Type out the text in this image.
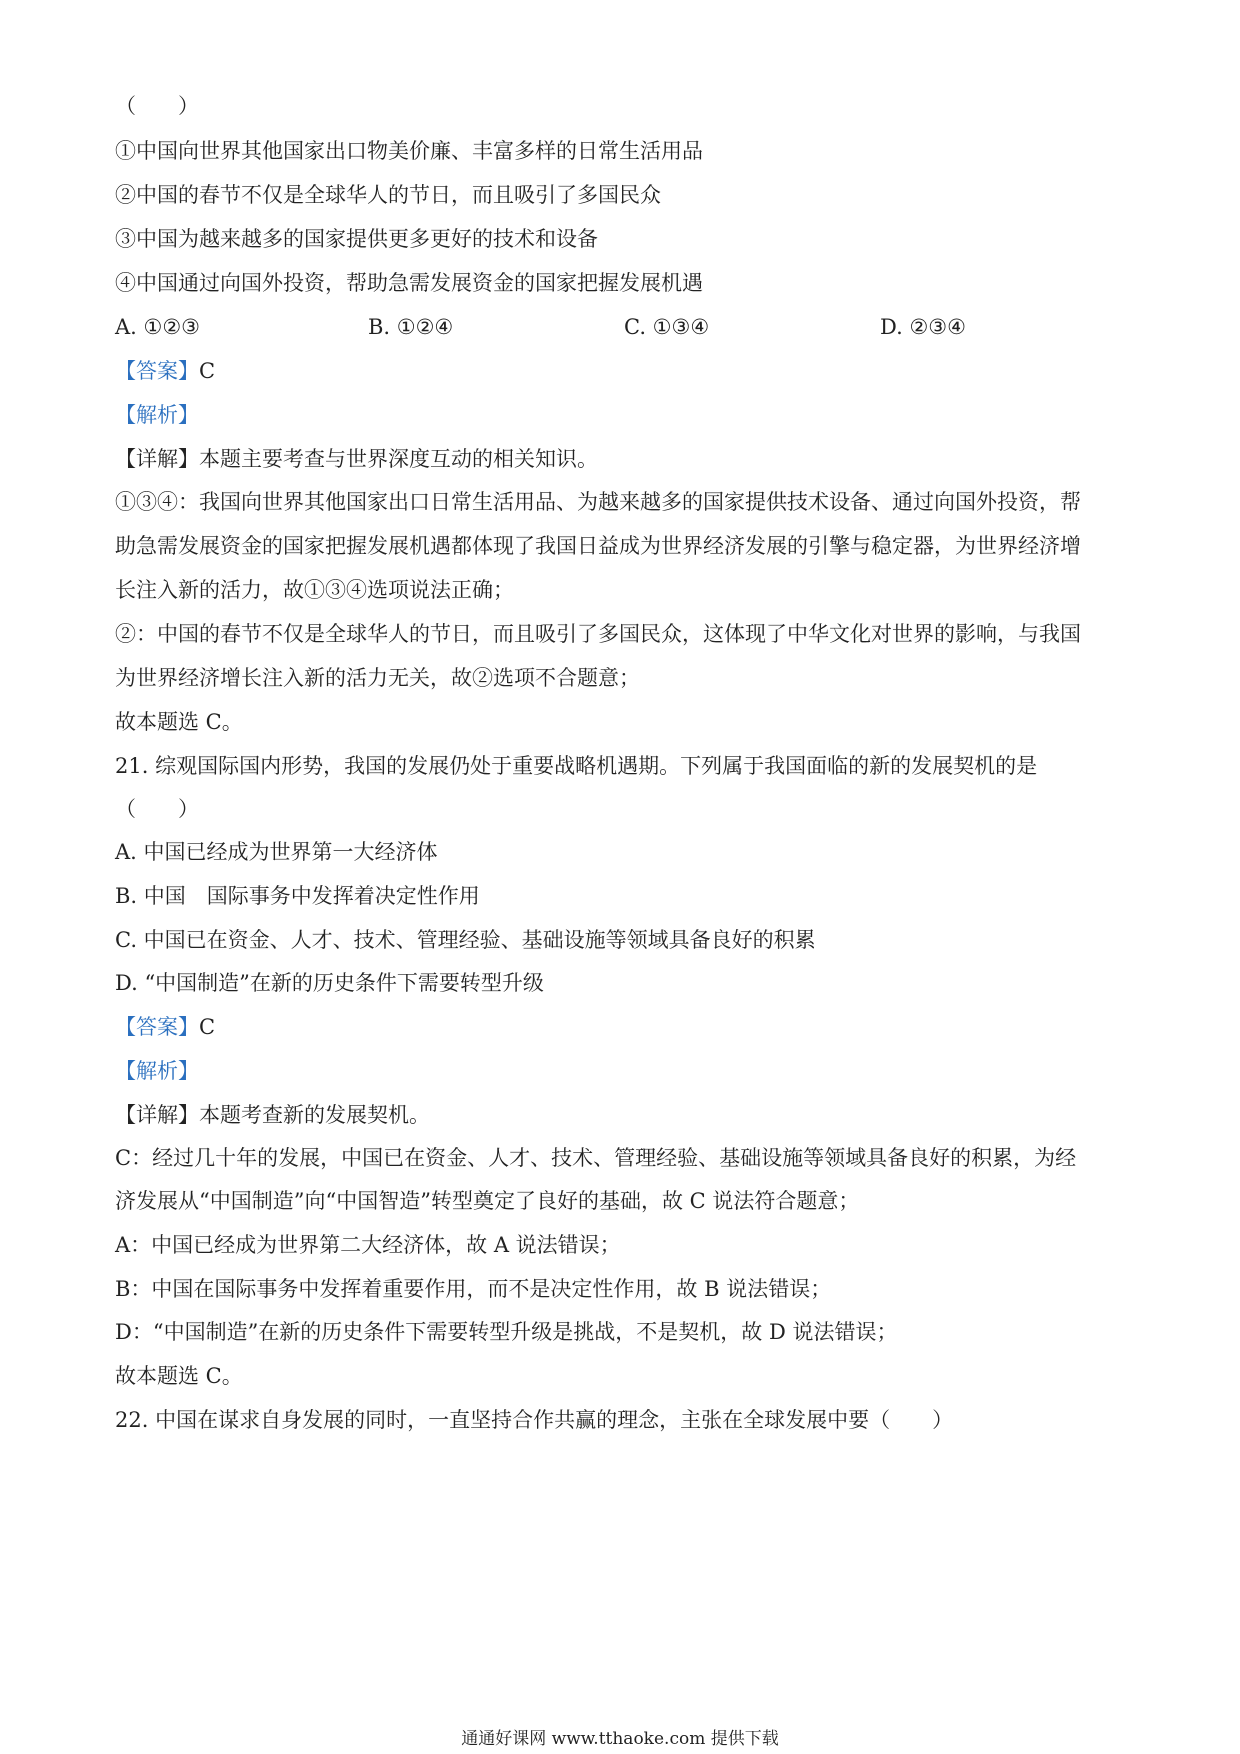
（　　）
①中国向世界其他国家出口物美价廉、丰富多样的日常生活用品
②中国的春节不仅是全球华人的节日，而且吸引了多国民众
③中国为越来越多的国家提供更多更好的技术和设备
④中国通过向国外投资，帮助急需发展资金的国家把握发展机遇
A. ①②③	B. ①②④	C. ①③④	D. ②③④
【答案】C
【解析】
【详解】本题主要考查与世界深度互动的相关知识。
①③④：我国向世界其他国家出口日常生活用品、为越来越多的国家提供技术设备、通过向国外投资，帮
助急需发展资金的国家把握发展机遇都体现了我国日益成为世界经济发展的引擎与稳定器，为世界经济增
长注入新的活力，故①③④选项说法正确；
②：中国的春节不仅是全球华人的节日，而且吸引了多国民众，这体现了中华文化对世界的影响，与我国
为世界经济增长注入新的活力无关，故②选项不合题意；
故本题选 C。
21. 综观国际国内形势，我国的发展仍处于重要战略机遇期。下列属于我国面临的新的发展契机的是
（　　）
A. 中国已经成为世界第一大经济体
B. 中国　国际事务中发挥着决定性作用
C. 中国已在资金、人才、技术、管理经验、基础设施等领域具备良好的积累
D. “中国制造”在新的历史条件下需要转型升级
【答案】C
【解析】
【详解】本题考查新的发展契机。
C：经过几十年的发展，中国已在资金、人才、技术、管理经验、基础设施等领域具备良好的积累，为经
济发展从“中国制造”向“中国智造”转型奠定了良好的基础，故 C 说法符合题意；
A：中国已经成为世界第二大经济体，故 A 说法错误；
B：中国在国际事务中发挥着重要作用，而不是决定性作用，故 B 说法错误；
D：“中国制造”在新的历史条件下需要转型升级是挑战，不是契机，故 D 说法错误；
故本题选 C。
22. 中国在谋求自身发展的同时，一直坚持合作共赢的理念，主张在全球发展中要（　　）
通通好课网 www.tthaoke.com 提供下载
